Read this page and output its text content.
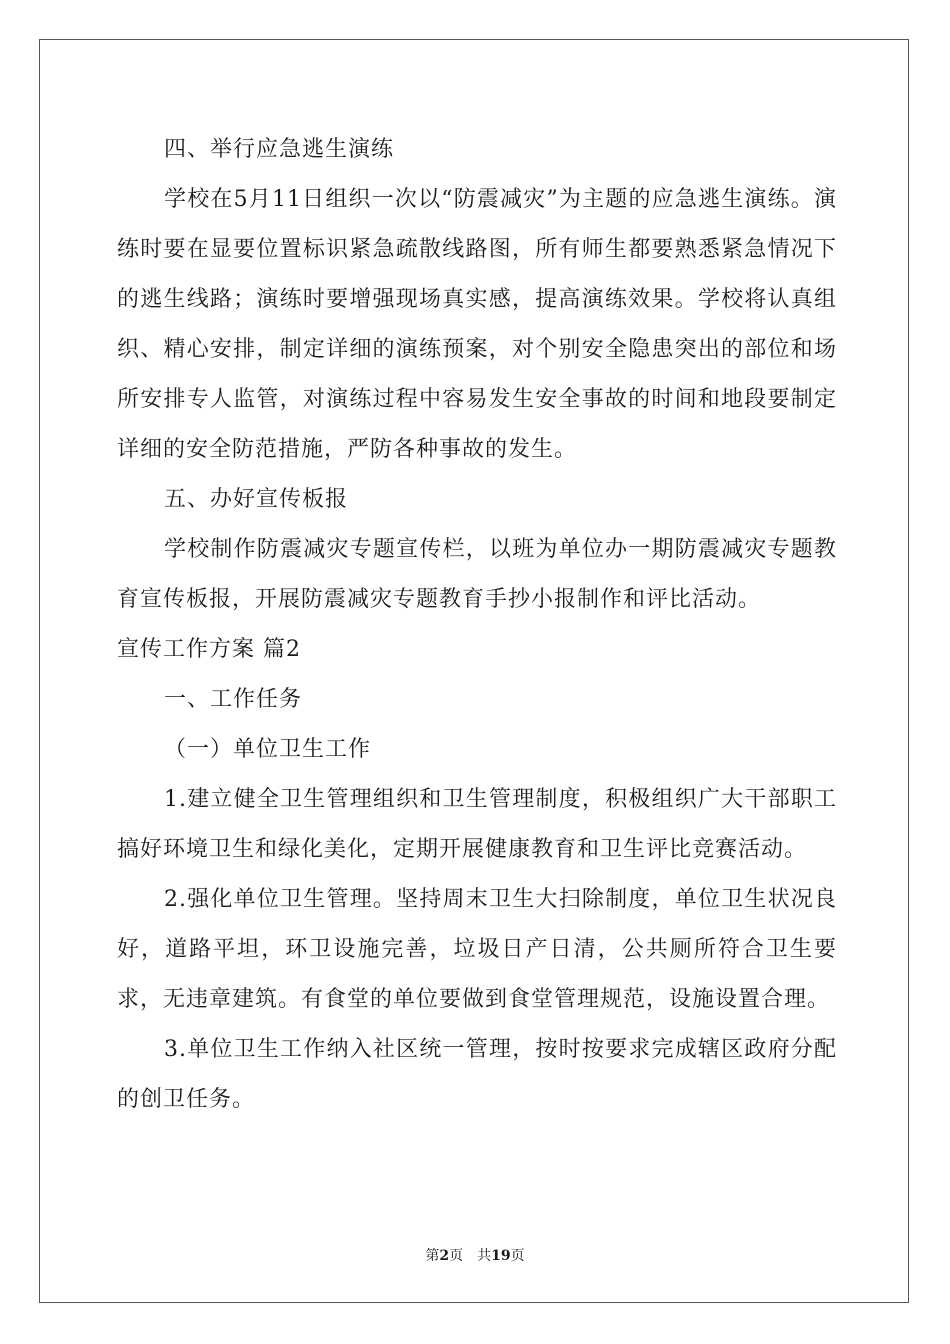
四、举行应急逃生演练

学校在5月11日组织一次以“防震减灾”为主题的应急逃生演练。演练时要在显要位置标识紧急疏散线路图，所有师生都要熟悉紧急情况下的逃生线路；演练时要增强现场真实感，提高演练效果。学校将认真组织、精心安排，制定详细的演练预案，对个别安全隐患突出的部位和场所安排专人监管，对演练过程中容易发生安全事故的时间和地段要制定详细的安全防范措施，严防各种事故的发生。

五、办好宣传板报

学校制作防震减灾专题宣传栏，以班为单位办一期防震减灾专题教育宣传板报，开展防震减灾专题教育手抄小报制作和评比活动。

宣传工作方案 篇2

一、工作任务

（一）单位卫生工作

1.建立健全卫生管理组织和卫生管理制度，积极组织广大干部职工搞好环境卫生和绿化美化，定期开展健康教育和卫生评比竞赛活动。

2.强化单位卫生管理。坚持周末卫生大扫除制度，单位卫生状况良好，道路平坦，环卫设施完善，垃圾日产日清，公共厕所符合卫生要求，无违章建筑。有食堂的单位要做到食堂管理规范，设施设置合理。

3.单位卫生工作纳入社区统一管理，按时按要求完成辖区政府分配的创卫任务。

第2页　共19页
